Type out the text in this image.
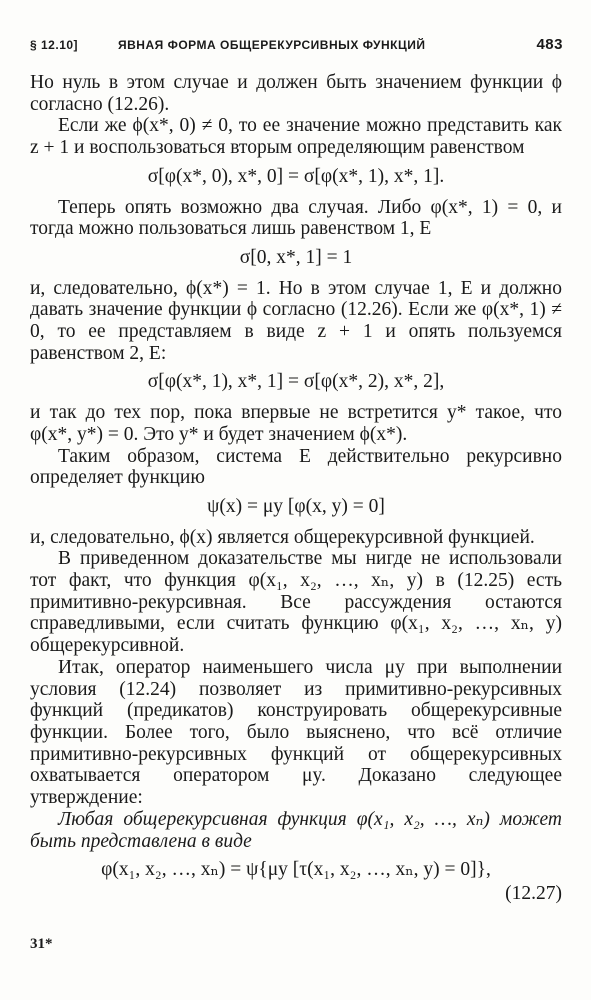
§ 12.10]	ЯВНАЯ ФОРМА ОБЩЕРЕКУРСИВНЫХ ФУНКЦИЙ	483

Но нуль в этом случае и должен быть значением функции ϕ согласно (12.26).

Если же ϕ(x*, 0) ≠ 0, то ее значение можно представить как z + 1 и воспользоваться вторым определяющим равенством

σ[φ(x*, 0), x*, 0] = σ[φ(x*, 1), x*, 1].

Теперь опять возможно два случая. Либо φ(x*, 1) = 0, и тогда можно пользоваться лишь равенством 1, E

σ[0, x*, 1] = 1

и, следовательно, ϕ(x*) = 1. Но в этом случае 1, E и должно давать значение функции ϕ согласно (12.26). Если же φ(x*, 1) ≠ 0, то ее представляем в виде z + 1 и опять пользуемся равенством 2, E:

σ[φ(x*, 1), x*, 1] = σ[φ(x*, 2), x*, 2],

и так до тех пор, пока впервые не встретится y* такое, что φ(x*, y*) = 0. Это y* и будет значением ϕ(x*).

Таким образом, система E действительно рекурсивно определяет функцию

ψ(x) = μy [φ(x, y) = 0]

и, следовательно, ϕ(x) является общерекурсивной функцией.

В приведенном доказательстве мы нигде не использовали тот факт, что функция φ(x₁, x₂, …, xₙ, y) в (12.25) есть примитивно-рекурсивная. Все рассуждения остаются справедливыми, если считать функцию φ(x₁, x₂, …, xₙ, y) общерекурсивной.

Итак, оператор наименьшего числа μy при выполнении условия (12.24) позволяет из примитивно-рекурсивных функций (предикатов) конструировать общерекурсивные функции. Более того, было выяснено, что всё отличие примитивно-рекурсивных функций от общерекурсивных охватывается оператором μy. Доказано следующее утверждение:

Любая общерекурсивная функция φ(x₁, x₂, …, xₙ) может быть представлена в виде

φ(x₁, x₂, …, xₙ) = ψ{μy [τ(x₁, x₂, …, xₙ, y) = 0]},

(12.27)

31*
